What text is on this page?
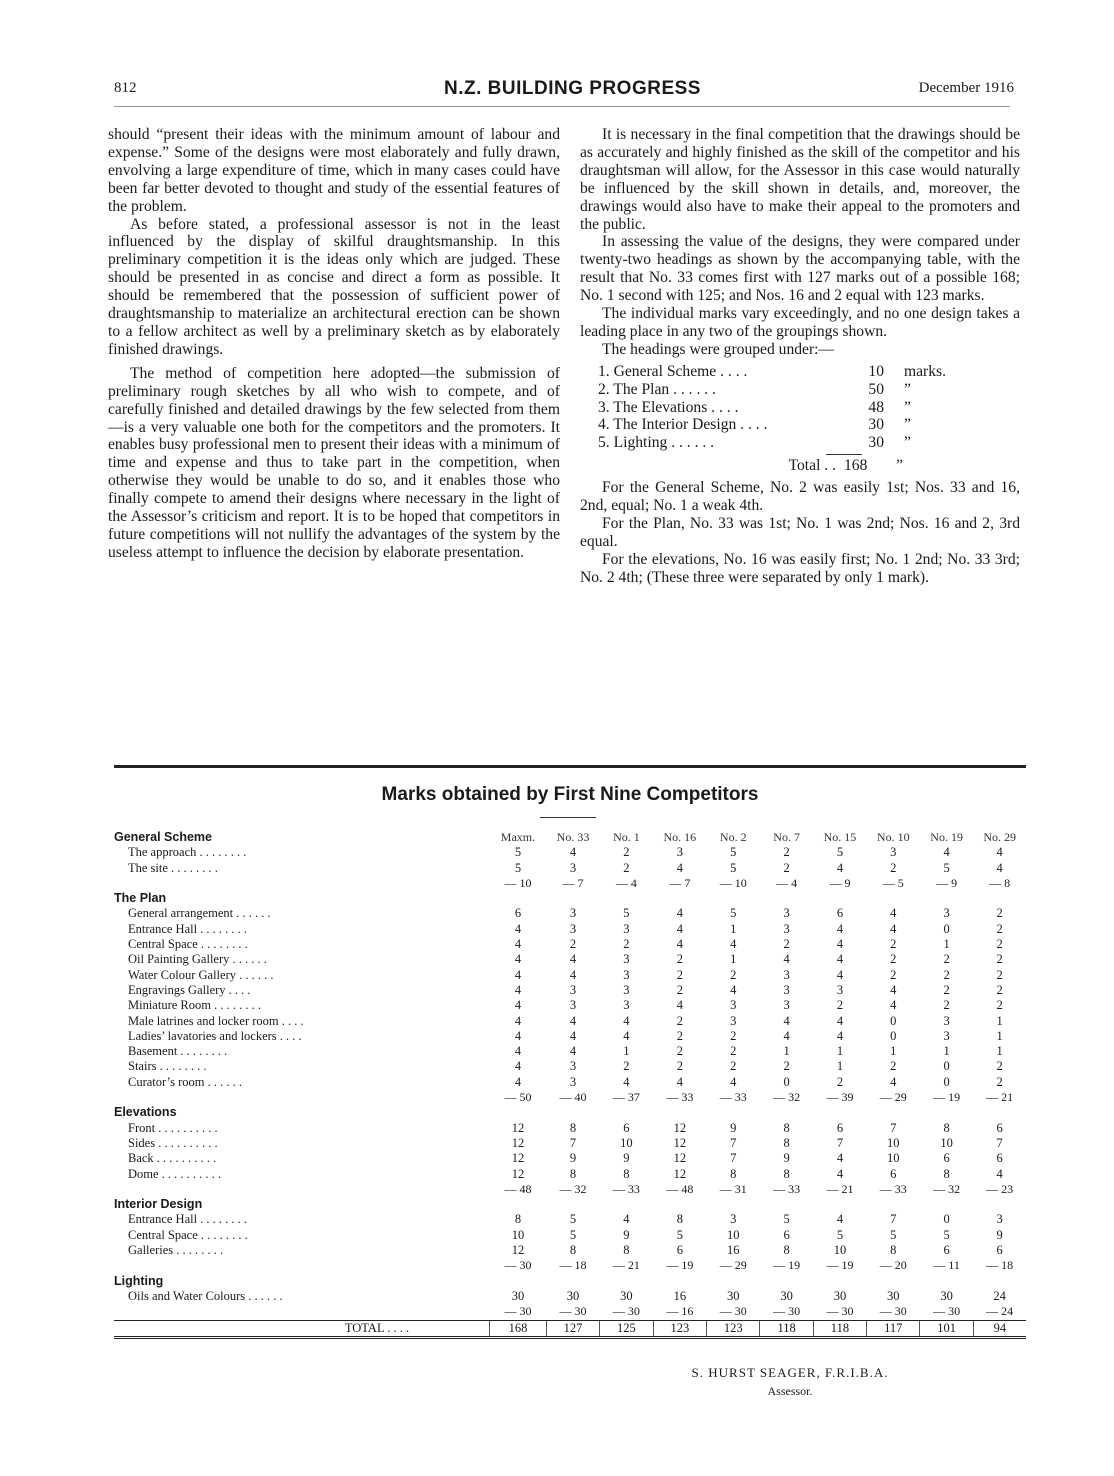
812	N.Z. BUILDING PROGRESS	December 1916

should “present their ideas with the minimum amount of labour and expense.” Some of the designs were most elaborately and fully drawn, envolving a large expenditure of time, which in many cases could have been far better devoted to thought and study of the essential features of the problem.

As before stated, a professional assessor is not in the least influenced by the display of skilful draughtsmanship. In this preliminary competition it is the ideas only which are judged. These should be presented in as concise and direct a form as possible. It should be remembered that the possession of sufficient power of draughtsmanship to materialize an architectural erection can be shown to a fellow architect as well by a preliminary sketch as by elaborately finished drawings.

The method of competition here adopted—the submission of preliminary rough sketches by all who wish to compete, and of carefully finished and detailed drawings by the few selected from them—is a very valuable one both for the competitors and the promoters. It enables busy professional men to present their ideas with a minimum of time and expense and thus to take part in the competition, when otherwise they would be unable to do so, and it enables those who finally compete to amend their designs where necessary in the light of the Assessor’s criticism and report. It is to be hoped that competitors in future competitions will not nullify the advantages of the system by the useless attempt to influence the decision by elaborate presentation.

It is necessary in the final competition that the drawings should be as accurately and highly finished as the skill of the competitor and his draughtsman will allow, for the Assessor in this case would naturally be influenced by the skill shown in details, and, moreover, the drawings would also have to make their appeal to the promoters and the public.

In assessing the value of the designs, they were compared under twenty-two headings as shown by the accompanying table, with the result that No. 33 comes first with 127 marks out of a possible 168; No. 1 second with 125; and Nos. 16 and 2 equal with 123 marks.

The individual marks vary exceedingly, and no one design takes a leading place in any two of the groupings shown.

The headings were grouped under:—

1. General Scheme . . . .	10 marks.
2. The Plan . . . . . .	50 ”
3. The Elevations . . . .	48 ”
4. The Interior Design . . . .	30 ”
5. Lighting . . . . . .	30 ”
Total . . 168	”

For the General Scheme, No. 2 was easily 1st; Nos. 33 and 16, 2nd, equal; No. 1 a weak 4th.

For the Plan, No. 33 was 1st; No. 1 was 2nd; Nos. 16 and 2, 3rd equal.

For the elevations, No. 16 was easily first; No. 1 2nd; No. 33 3rd; No. 2 4th; (These three were separated by only 1 mark).

Marks obtained by First Nine Competitors
General Scheme	Maxm.	No. 33	No. 1	No. 16	No. 2	No. 7	No. 15	No. 10	No. 19	No. 29
The approach . . . . . . . .	5	4	2	3	5	2	5	3	4	4
The site . . . . . . . .	5	3	2	4	5	2	4	2	5	4
	— 10	— 7	— 4	— 7	— 10	— 4	— 9	— 5	— 9	— 8
The Plan										
General arrangement . . . . . .	6	3	5	4	5	3	6	4	3	2
Entrance Hall . . . . . . . .	4	3	3	4	1	3	4	4	0	2
Central Space . . . . . . . .	4	2	2	4	4	2	4	2	1	2
Oil Painting Gallery . . . . . .	4	4	3	2	1	4	4	2	2	2
Water Colour Gallery . . . . . .	4	4	3	2	2	3	4	2	2	2
Engravings Gallery . . . .	4	3	3	2	4	3	3	4	2	2
Miniature Room . . . . . . . .	4	3	3	4	3	3	2	4	2	2
Male latrines and locker room . . . .	4	4	4	2	3	4	4	0	3	1
Ladies’ lavatories and lockers . . . .	4	4	4	2	2	4	4	0	3	1
Basement . . . . . . . .	4	4	1	2	2	1	1	1	1	1
Stairs . . . . . . . .	4	3	2	2	2	2	1	2	0	2
Curator’s room . . . . . .	4	3	4	4	4	0	2	4	0	2
	— 50	— 40	— 37	— 33	— 33	— 32	— 39	— 29	— 19	— 21
Elevations										
Front . . . . . . . . . .	12	8	6	12	9	8	6	7	8	6
Sides . . . . . . . . . .	12	7	10	12	7	8	7	10	10	7
Back . . . . . . . . . .	12	9	9	12	7	9	4	10	6	6
Dome . . . . . . . . . .	12	8	8	12	8	8	4	6	8	4
	— 48	— 32	— 33	— 48	— 31	— 33	— 21	— 33	— 32	— 23
Interior Design										
Entrance Hall . . . . . . . .	8	5	4	8	3	5	4	7	0	3
Central Space . . . . . . . .	10	5	9	5	10	6	5	5	5	9
Galleries . . . . . . . .	12	8	8	6	16	8	10	8	6	6
	— 30	— 18	— 21	— 19	— 29	— 19	— 19	— 20	— 11	— 18
Lighting										
Oils and Water Colours . . . . . .	30	30	30	16	30	30	30	30	30	24
	— 30	— 30	— 30	— 16	— 30	— 30	— 30	— 30	— 30	— 24
TOTAL . . . .	168	127	125	123	123	118	118	117	101	94
S. HURST SEAGER, F.R.I.B.A.
Assessor.
